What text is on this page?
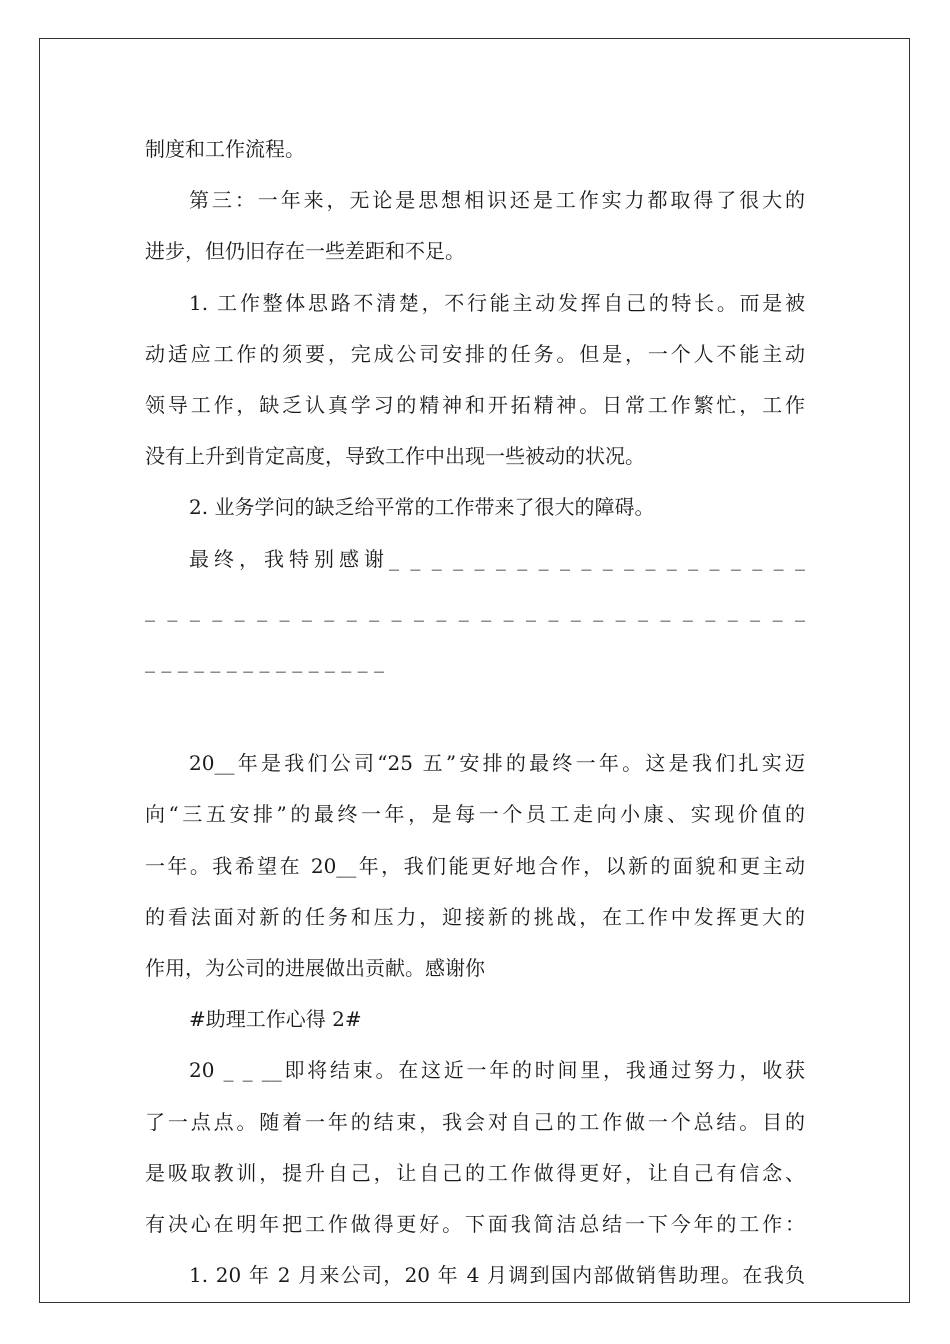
制度和工作流程。
第三：一年来，无论是思想相识还是工作实力都取得了很大的
进步，但仍旧存在一些差距和不足。
1. 工作整体思路不清楚，不行能主动发挥自己的特长。而是被
动适应工作的须要，完成公司安排的任务。但是，一个人不能主动
领导工作，缺乏认真学习的精神和开拓精神。日常工作繁忙，工作
没有上升到肯定高度，导致工作中出现一些被动的状况。
2. 业务学问的缺乏给平常的工作带来了很大的障碍。
最终，我特别感谢_ _ _ _ _ _ _ _ _ _ _ _ _ _ _ _ _ _ _ _
_ _ _ _ _ _ _ _ _ _ _ _ _ _ _ _ _ _ _ _ _ _ _ _ _ _ _ _ _ _
_ _ _ _ _ _ _ _ _ _ _ _ _ _ _
20__年是我们公司“25 五”安排的最终一年。这是我们扎实迈
向“三五安排”的最终一年，是每一个员工走向小康、实现价值的
一年。我希望在 20__年，我们能更好地合作，以新的面貌和更主动
的看法面对新的任务和压力，迎接新的挑战，在工作中发挥更大的
作用，为公司的进展做出贡献。感谢你
#助理工作心得 2#
20 _ _ __即将结束。在这近一年的时间里，我通过努力，收获
了一点点。随着一年的结束，我会对自己的工作做一个总结。目的
是吸取教训，提升自己，让自己的工作做得更好，让自己有信念、
有决心在明年把工作做得更好。下面我简洁总结一下今年的工作：
1. 20 年 2 月来公司，20 年 4 月调到国内部做销售助理。在我负
